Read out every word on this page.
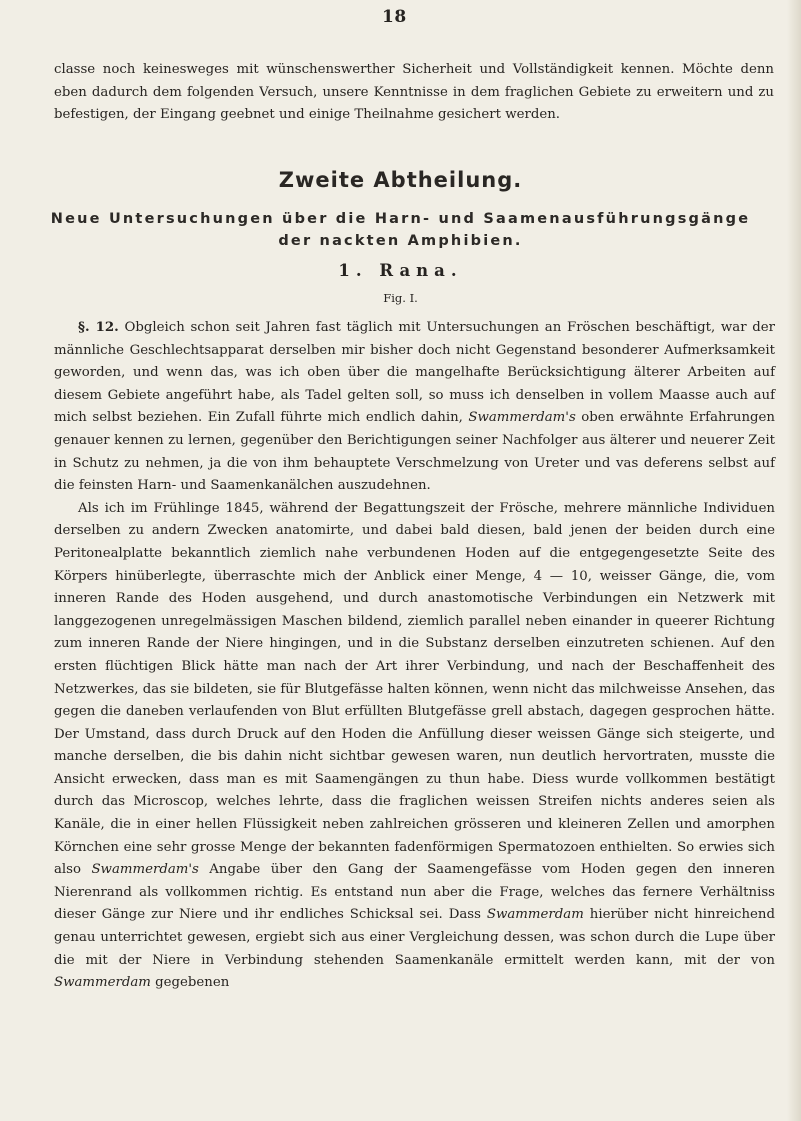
18

classe noch keinesweges mit wünschenswerther Sicherheit und Vollständigkeit kennen. Möchte denn eben dadurch dem folgenden Versuch, unsere Kenntnisse in dem fraglichen Gebiete zu erweitern und zu befestigen, der Eingang geebnet und einige Theilnahme gesichert werden.

Zweite Abtheilung.
Neue Untersuchungen über die Harn- und Saamenausführungsgänge
der nackten Amphibien.
1. Rana.
Fig. I.

§. 12. Obgleich schon seit Jahren fast täglich mit Untersuchungen an Fröschen beschäftigt, war der männliche Geschlechtsapparat derselben mir bisher doch nicht Gegenstand besonderer Aufmerksamkeit geworden, und wenn das, was ich oben über die mangelhafte Berücksichtigung älterer Arbeiten auf diesem Gebiete angeführt habe, als Tadel gelten soll, so muss ich denselben in vollem Maasse auch auf mich selbst beziehen. Ein Zufall führte mich endlich dahin, Swammerdam's oben erwähnte Erfahrungen genauer kennen zu lernen, gegenüber den Berichtigungen seiner Nachfolger aus älterer und neuerer Zeit in Schutz zu nehmen, ja die von ihm behauptete Verschmelzung von Ureter und vas deferens selbst auf die feinsten Harn- und Saamenkanälchen auszudehnen.

Als ich im Frühlinge 1845, während der Begattungszeit der Frösche, mehrere männliche Individuen derselben zu andern Zwecken anatomirte, und dabei bald diesen, bald jenen der beiden durch eine Peritonealplatte bekanntlich ziemlich nahe verbundenen Hoden auf die entgegengesetzte Seite des Körpers hinüberlegte, überraschte mich der Anblick einer Menge, 4 — 10, weisser Gänge, die, vom inneren Rande des Hoden ausgehend, und durch anastomotische Verbindungen ein Netzwerk mit langgezogenen unregelmässigen Maschen bildend, ziemlich parallel neben einander in queerer Richtung zum inneren Rande der Niere hingingen, und in die Substanz derselben einzutreten schienen. Auf den ersten flüchtigen Blick hätte man nach der Art ihrer Verbindung, und nach der Beschaffenheit des Netzwerkes, das sie bildeten, sie für Blutgefässe halten können, wenn nicht das milchweisse Ansehen, das gegen die daneben verlaufenden von Blut erfüllten Blutgefässe grell abstach, dagegen gesprochen hätte. Der Umstand, dass durch Druck auf den Hoden die Anfüllung dieser weissen Gänge sich steigerte, und manche derselben, die bis dahin nicht sichtbar gewesen waren, nun deutlich hervortraten, musste die Ansicht erwecken, dass man es mit Saamengängen zu thun habe. Diess wurde vollkommen bestätigt durch das Microscop, welches lehrte, dass die fraglichen weissen Streifen nichts anderes seien als Kanäle, die in einer hellen Flüssigkeit neben zahlreichen grösseren und kleineren Zellen und amorphen Körnchen eine sehr grosse Menge der bekannten fadenförmigen Spermatozoen enthielten. So erwies sich also Swammerdam's Angabe über den Gang der Saamengefässe vom Hoden gegen den inneren Nierenrand als vollkommen richtig. Es entstand nun aber die Frage, welches das fernere Verhältniss dieser Gänge zur Niere und ihr endliches Schicksal sei. Dass Swammerdam hierüber nicht hinreichend genau unterrichtet gewesen, ergiebt sich aus einer Vergleichung dessen, was schon durch die Lupe über die mit der Niere in Verbindung stehenden Saamenkanäle ermittelt werden kann, mit der von Swammerdam gegebenen
